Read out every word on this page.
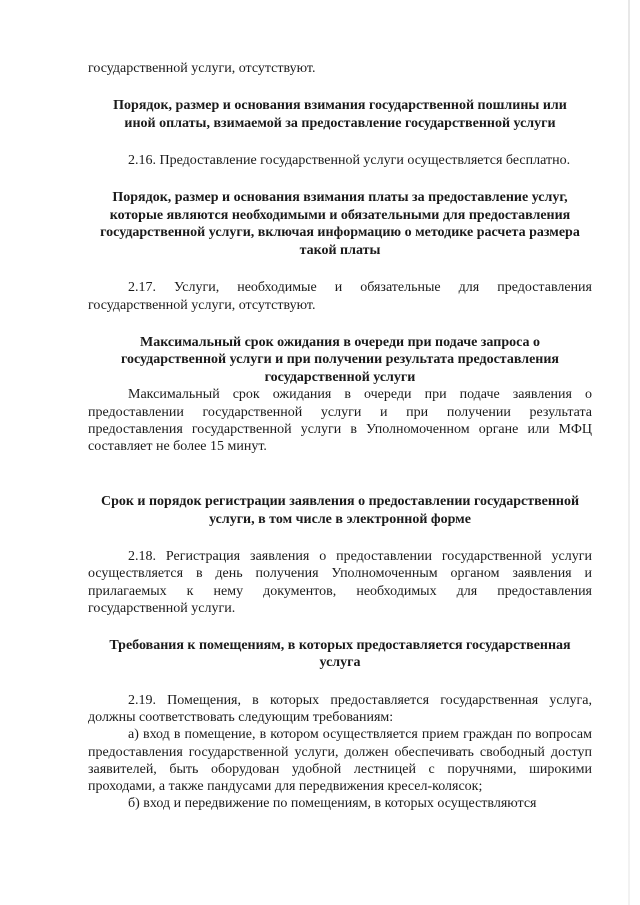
государственной услуги, отсутствуют.

Порядок, размер и основания взимания государственной пошлины или иной оплаты, взимаемой за предоставление государственной услуги

2.16. Предоставление государственной услуги осуществляется бесплатно.

Порядок, размер и основания взимания платы за предоставление услуг, которые являются необходимыми и обязательными для предоставления государственной услуги, включая информацию о методике расчета размера такой платы

2.17. Услуги, необходимые и обязательные для предоставления государственной услуги, отсутствуют.

Максимальный срок ожидания в очереди при подаче запроса о государственной услуги и при получении результата предоставления государственной услуги

Максимальный срок ожидания в очереди при подаче заявления о предоставлении государственной услуги и при получении результата предоставления государственной услуги в Уполномоченном органе или МФЦ составляет не более 15 минут.

Срок и порядок регистрации заявления о предоставлении государственной услуги, в том числе в электронной форме

2.18. Регистрация заявления о предоставлении государственной услуги осуществляется в день получения Уполномоченным органом заявления и прилагаемых к нему документов, необходимых для предоставления государственной услуги.

Требования к помещениям, в которых предоставляется государственная услуга

2.19. Помещения, в которых предоставляется государственная услуга, должны соответствовать следующим требованиям:

а) вход в помещение, в котором осуществляется прием граждан по вопросам предоставления государственной услуги, должен обеспечивать свободный доступ заявителей, быть оборудован удобной лестницей с поручнями, широкими проходами, а также пандусами для передвижения кресел-колясок;

б) вход и передвижение по помещениям, в которых осуществляются
